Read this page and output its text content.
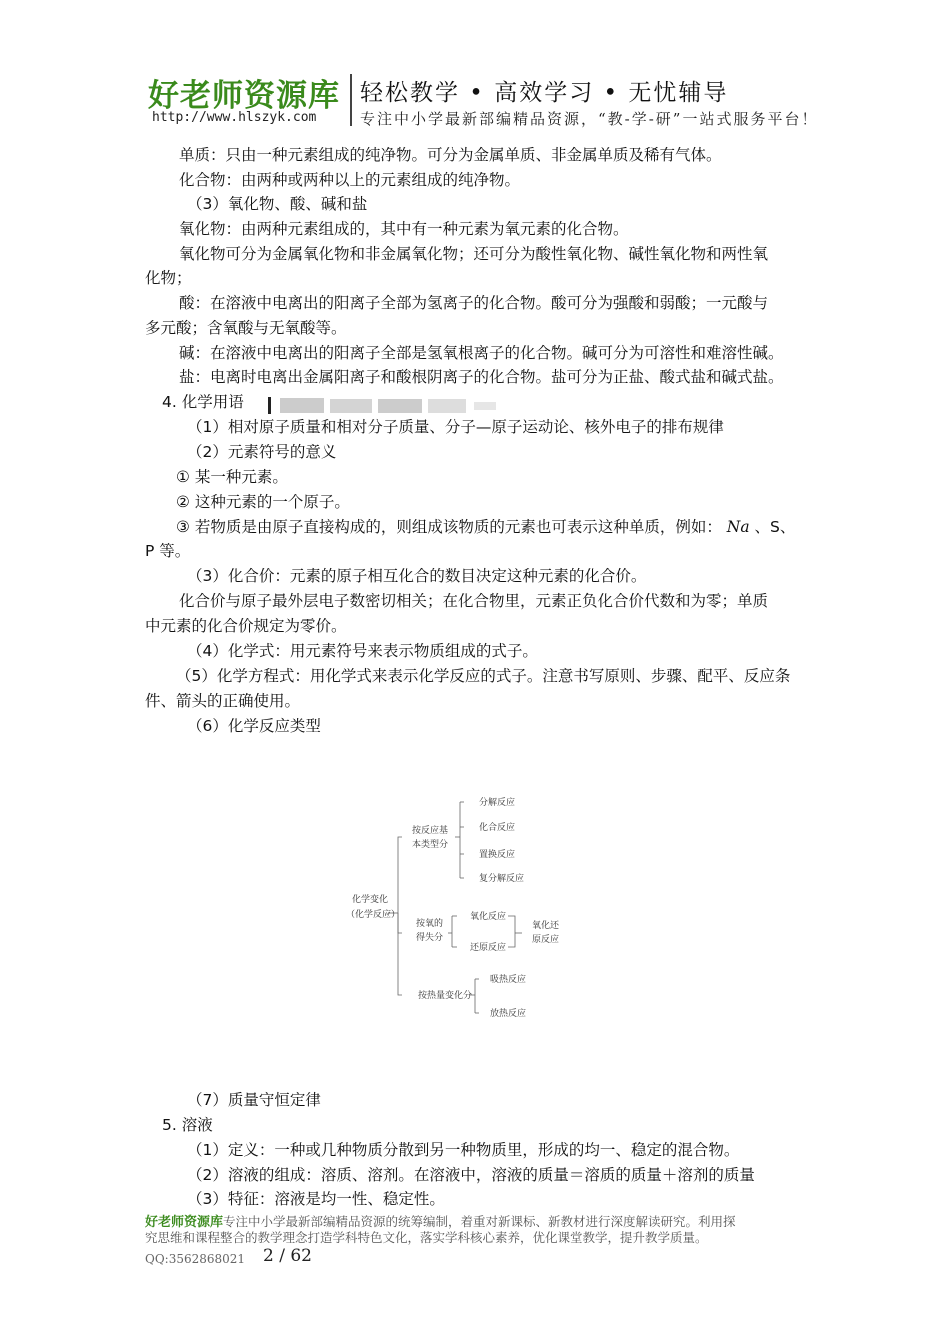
好老师资源库 轻松教学 • 高效学习 • 无忧辅导
http://www.hlszyk.com	专注中小学最新部编精品资源，“教-学-研”一站式服务平台！
单质：只由一种元素组成的纯净物。可分为金属单质、非金属单质及稀有气体。
化合物：由两种或两种以上的元素组成的纯净物。
（3）氧化物、酸、碱和盐
氧化物：由两种元素组成的，其中有一种元素为氧元素的化合物。
氧化物可分为金属氧化物和非金属氧化物；还可分为酸性氧化物、碱性氧化物和两性氧
化物；
酸：在溶液中电离出的阳离子全部为氢离子的化合物。酸可分为强酸和弱酸；一元酸与
多元酸；含氧酸与无氧酸等。
碱：在溶液中电离出的阳离子全部是氢氧根离子的化合物。碱可分为可溶性和难溶性碱。
盐：电离时电离出金属阳离子和酸根阴离子的化合物。盐可分为正盐、酸式盐和碱式盐。
4. 化学用语
（1）相对原子质量和相对分子质量、分子—原子运动论、核外电子的排布规律
（2）元素符号的意义
① 某一种元素。
② 这种元素的一个原子。
③ 若物质是由原子直接构成的，则组成该物质的元素也可表示这种单质，例如： Na 、S、
P 等。
（3）化合价：元素的原子相互化合的数目决定这种元素的化合价。
化合价与原子最外层电子数密切相关；在化合物里，元素正负化合价代数和为零；单质
中元素的化合价规定为零价。
（4）化学式：用元素符号来表示物质组成的式子。
（5）化学方程式：用化学式来表示化学反应的式子。注意书写原则、步骤、配平、反应条
件、箭头的正确使用。
（6）化学反应类型
化学变化
（化学反应）
按反应基
本类型分
分解反应
化合反应
置换反应
复分解反应
按氧的
得失分
氧化反应
还原反应
氧化还
原反应
按热量变化分
吸热反应
放热反应
（7）质量守恒定律
5. 溶液
（1）定义：一种或几种物质分散到另一种物质里，形成的均一、稳定的混合物。
（2）溶液的组成：溶质、溶剂。在溶液中，溶液的质量＝溶质的质量＋溶剂的质量
（3）特征：溶液是均一性、稳定性。
好老师资源库专注中小学最新部编精品资源的统筹编制，着重对新课标、新教材进行深度解读研究。利用探
究思维和课程整合的教学理念打造学科特色文化，落实学科核心素养，优化课堂教学，提升教学质量。
QQ:3562868021 2 / 62
